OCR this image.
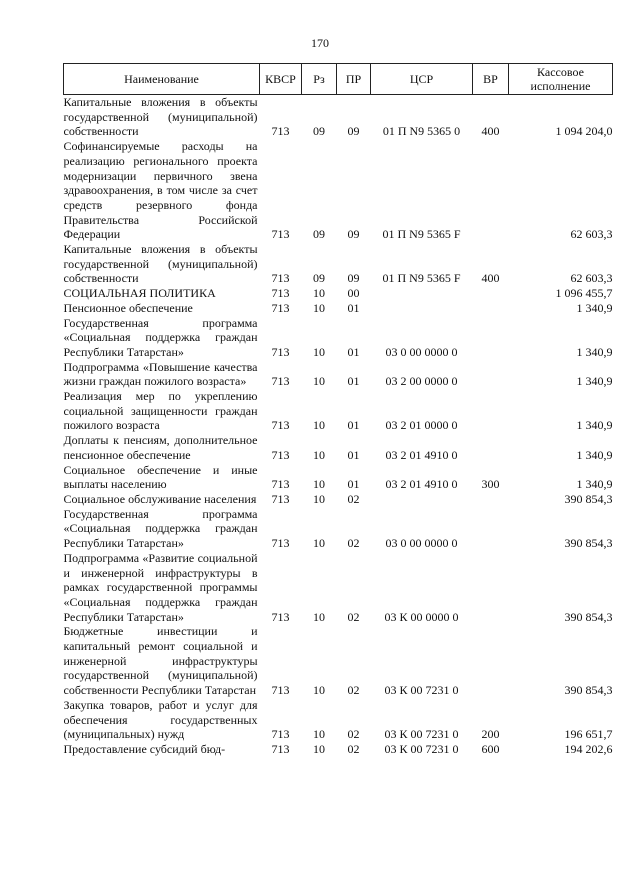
170
Наименование	КВСР	Рз	ПР	ЦСР	ВР	Кассовое исполнение
Капитальные вложения в объекты государственной (муниципальной) собственности	713	09	09	01 П N9 5365 0	400	1 094 204,0
Софинансируемые расходы на реализацию регионального проекта модернизации первичного звена здравоохранения, в том числе за счет средств резервного фонда Правительства Российской Федерации	713	09	09	01 П N9 5365 F		62 603,3
Капитальные вложения в объекты государственной (муниципальной) собственности	713	09	09	01 П N9 5365 F	400	62 603,3
СОЦИАЛЬНАЯ ПОЛИТИКА	713	10	00			1 096 455,7
Пенсионное обеспечение	713	10	01			1 340,9
Государственная программа «Социальная поддержка граждан Республики Татарстан»	713	10	01	03 0 00 0000 0		1 340,9
Подпрограмма «Повышение качества жизни граждан пожилого возраста»	713	10	01	03 2 00 0000 0		1 340,9
Реализация мер по укреплению социальной защищенности граждан пожилого возраста	713	10	01	03 2 01 0000 0		1 340,9
Доплаты к пенсиям, дополнительное пенсионное обеспечение	713	10	01	03 2 01 4910 0		1 340,9
Социальное обеспечение и иные выплаты населению	713	10	01	03 2 01 4910 0	300	1 340,9
Социальное обслуживание населения	713	10	02			390 854,3
Государственная программа «Социальная поддержка граждан Республики Татарстан»	713	10	02	03 0 00 0000 0		390 854,3
Подпрограмма «Развитие социальной и инженерной инфраструктуры в рамках государственной программы «Социальная поддержка граждан Республики Татарстан»	713	10	02	03 К 00 0000 0		390 854,3
Бюджетные инвестиции и капитальный ремонт социальной и инженерной инфраструктуры государственной (муниципальной) собственности Республики Татарстан	713	10	02	03 К 00 7231 0		390 854,3
Закупка товаров, работ и услуг для обеспечения государственных (муниципальных) нужд	713	10	02	03 К 00 7231 0	200	196 651,7
Предоставление субсидий бюд-	713	10	02	03 К 00 7231 0	600	194 202,6
